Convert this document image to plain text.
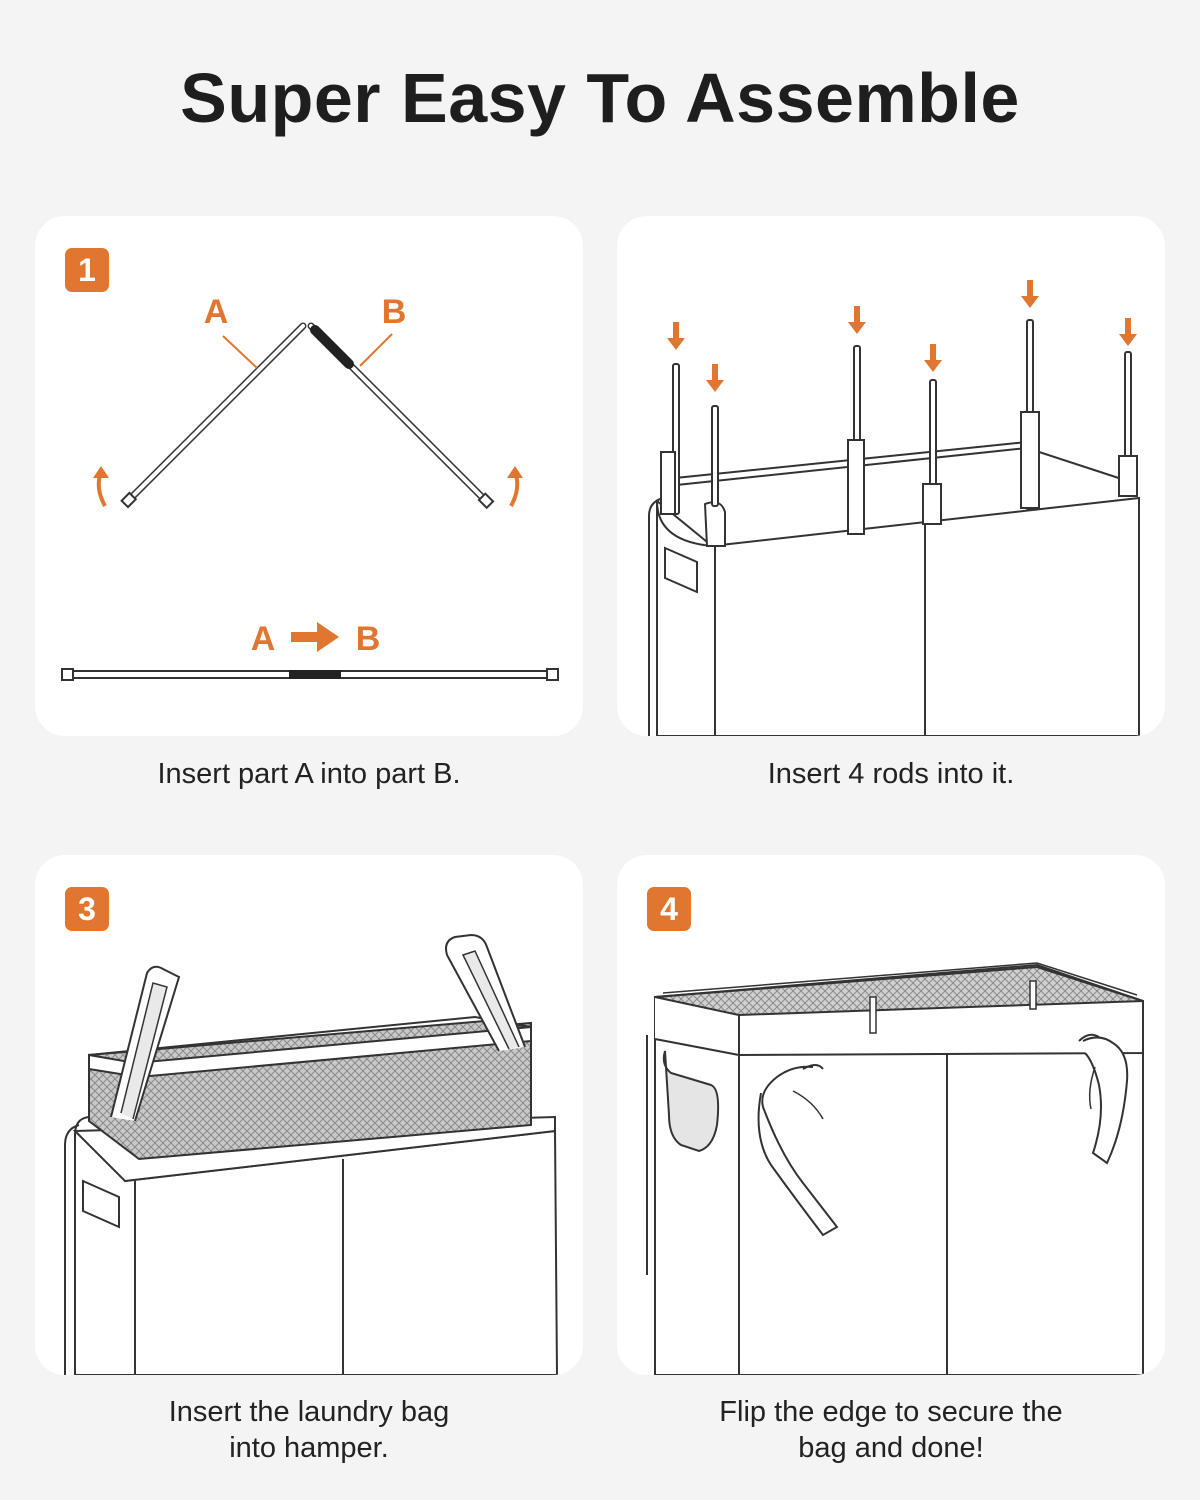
Super Easy To Assemble
A	B
A B
1
Insert part A into part B.	Insert 4 rods into it.
3
Insert the laundry bag
into hamper.
4
Flip the edge to secure the
bag and done!
